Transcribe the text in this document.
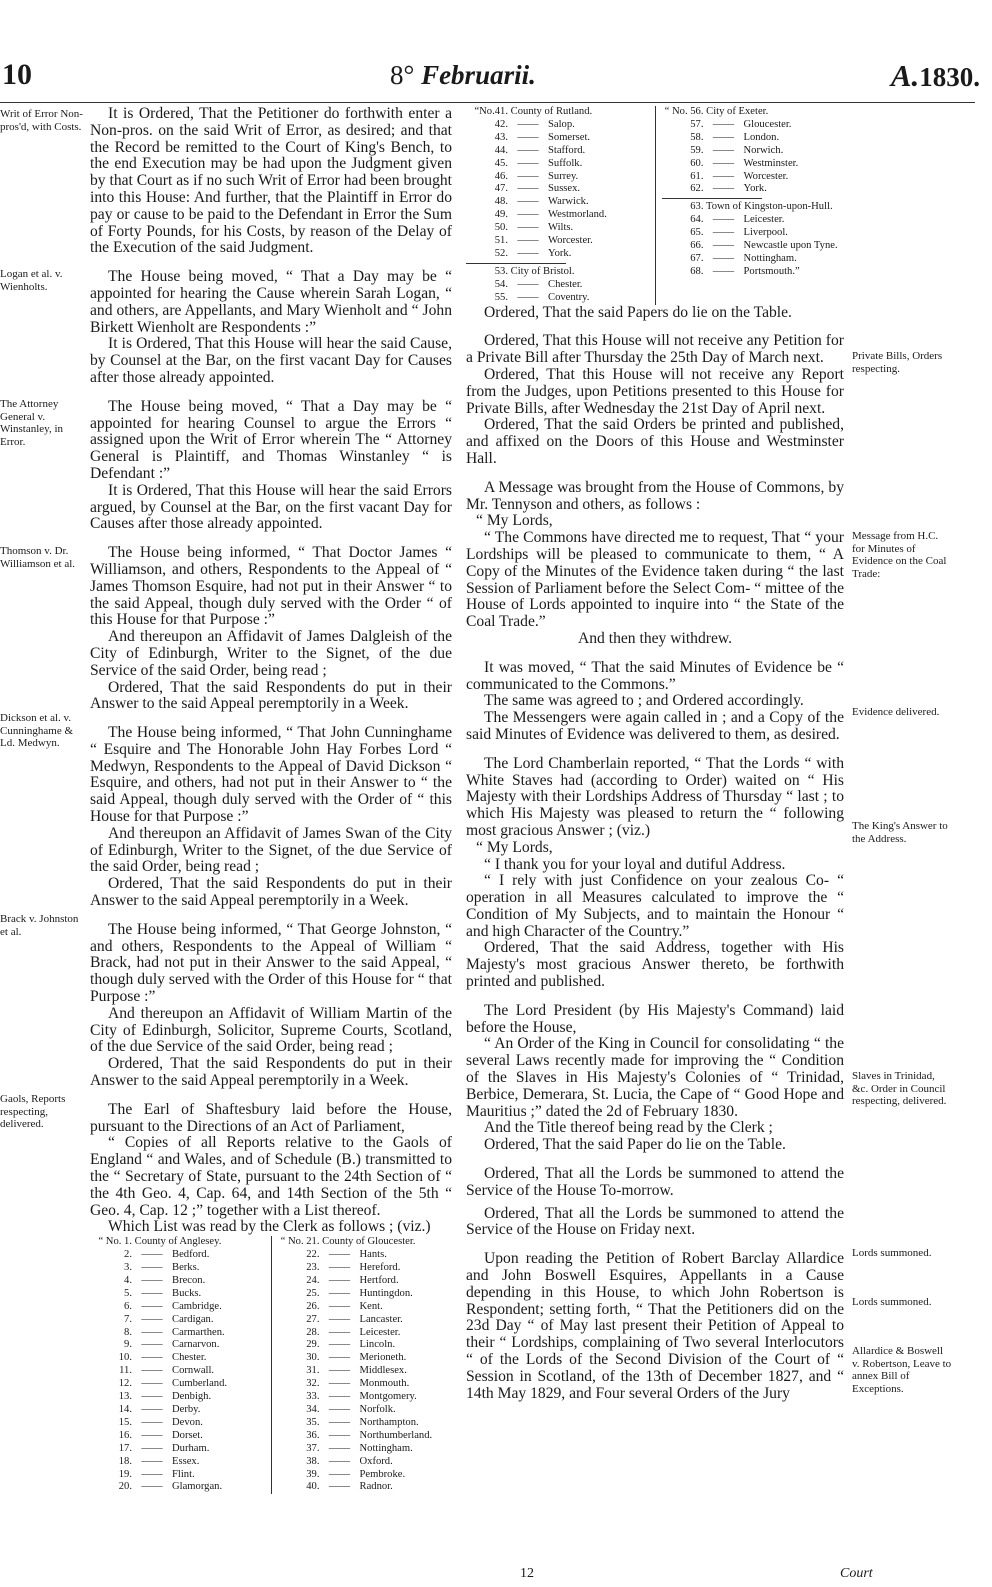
10	8° Februarii.	A.1830.
Writ of Error Non-pros'd, with Costs.
Logan et al. v. Wienholts.
The Attorney General v. Winstanley, in Error.
Thomson v. Dr. Williamson et al.
Dickson et al. v. Cunninghame & Ld. Medwyn.
Brack v. Johnston et al.
Gaols, Reports respecting, delivered.

It is Ordered, That the Petitioner do forthwith enter a Non-pros. on the said Writ of Error, as desired; and that the Record be remitted to the Court of King's Bench, to the end Execution may be had upon the Judgment given by that Court as if no such Writ of Error had been brought into this House: And further, that the Plaintiff in Error do pay or cause to be paid to the Defendant in Error the Sum of Forty Pounds, for his Costs, by reason of the Delay of the Execution of the said Judgment.

The House being moved, “ That a Day may be “ appointed for hearing the Cause wherein Sarah Logan, “ and others, are Appellants, and Mary Wienholt and “ John Birkett Wienholt are Respondents :”

It is Ordered, That this House will hear the said Cause, by Counsel at the Bar, on the first vacant Day for Causes after those already appointed.

The House being moved, “ That a Day may be “ appointed for hearing Counsel to argue the Errors “ assigned upon the Writ of Error wherein The “ Attorney General is Plaintiff, and Thomas Winstanley “ is Defendant :”

It is Ordered, That this House will hear the said Errors argued, by Counsel at the Bar, on the first vacant Day for Causes after those already appointed.

The House being informed, “ That Doctor James “ Williamson, and others, Respondents to the Appeal of “ James Thomson Esquire, had not put in their Answer “ to the said Appeal, though duly served with the Order “ of this House for that Purpose :”

And thereupon an Affidavit of James Dalgleish of the City of Edinburgh, Writer to the Signet, of the due Service of the said Order, being read ;

Ordered, That the said Respondents do put in their Answer to the said Appeal peremptorily in a Week.

The House being informed, “ That John Cunninghame “ Esquire and The Honorable John Hay Forbes Lord “ Medwyn, Respondents to the Appeal of David Dickson “ Esquire, and others, had not put in their Answer to “ the said Appeal, though duly served with the Order of “ this House for that Purpose :”

And thereupon an Affidavit of James Swan of the City of Edinburgh, Writer to the Signet, of the due Service of the said Order, being read ;

Ordered, That the said Respondents do put in their Answer to the said Appeal peremptorily in a Week.

The House being informed, “ That George Johnston, “ and others, Respondents to the Appeal of William “ Brack, had not put in their Answer to the said Appeal, “ though duly served with the Order of this House for “ that Purpose :”

And thereupon an Affidavit of William Martin of the City of Edinburgh, Solicitor, Supreme Courts, Scotland, of the due Service of the said Order, being read ;

Ordered, That the said Respondents do put in their Answer to the said Appeal peremptorily in a Week.

The Earl of Shaftesbury laid before the House, pursuant to the Directions of an Act of Parliament,

“ Copies of all Reports relative to the Gaols of England “ and Wales, and of Schedule (B.) transmitted to the “ Secretary of State, pursuant to the 24th Section of “ the 4th Geo. 4, Cap. 64, and 14th Section of the 5th “ Geo. 4, Cap. 12 ;” together with a List thereof.

Which List was read by the Clerk as follows ; (viz.)

“ No. 1. County of Anglesey.
2. —— Bedford.
3. —— Berks.
4. —— Brecon.
5. —— Bucks.
6. —— Cambridge.
7. —— Cardigan.
8. —— Carmarthen.
9. —— Carnarvon.
10. —— Chester.
11. —— Cornwall.
12. —— Cumberland.
13. —— Denbigh.
14. —— Derby.
15. —— Devon.
16. —— Dorset.
17. —— Durham.
18. —— Essex.
19. —— Flint.
20. —— Glamorgan.
“ No. 21. County of Gloucester.
22. —— Hants.
23. —— Hereford.
24. —— Hertford.
25. —— Huntingdon.
26. —— Kent.
27. —— Lancaster.
28. —— Leicester.
29. —— Lincoln.
30. —— Merioneth.
31. —— Middlesex.
32. —— Monmouth.
33. —— Montgomery.
34. —— Norfolk.
35. —— Northampton.
36. —— Northumberland.
37. —— Nottingham.
38. —— Oxford.
39. —— Pembroke.
40. —— Radnor.
Private Bills, Orders respecting.
Message from H.C. for Minutes of Evidence on the Coal Trade:
Evidence delivered.
The King's Answer to the Address.
Slaves in Trinidad, &c. Order in Council respecting, delivered.
Lords summoned.
Lords summoned.
Allardice & Boswell v. Robertson, Leave to annex Bill of Exceptions.
“No.41. County of Rutland.
42. —— Salop.
43. —— Somerset.
44. —— Stafford.
45. —— Suffolk.
46. —— Surrey.
47. —— Sussex.
48. —— Warwick.
49. —— Westmorland.
50. —— Wilts.
51. —— Worcester.
52. —— York.
53. City of Bristol.
54. —— Chester.
55. —— Coventry.
“ No. 56. City of Exeter.
57. —— Gloucester.
58. —— London.
59. —— Norwich.
60. —— Westminster.
61. —— Worcester.
62. —— York.
63. Town of Kingston-upon-Hull.
64. —— Leicester.
65. —— Liverpool.
66. —— Newcastle upon Tyne.
67. —— Nottingham.
68. —— Portsmouth.”

Ordered, That the said Papers do lie on the Table.

Ordered, That this House will not receive any Petition for a Private Bill after Thursday the 25th Day of March next.

Ordered, That this House will not receive any Report from the Judges, upon Petitions presented to this House for Private Bills, after Wednesday the 21st Day of April next.

Ordered, That the said Orders be printed and published, and affixed on the Doors of this House and Westminster Hall.

A Message was brought from the House of Commons, by Mr. Tennyson and others, as follows :

“ My Lords,

“ The Commons have directed me to request, That “ your Lordships will be pleased to communicate to them, “ A Copy of the Minutes of the Evidence taken during “ the last Session of Parliament before the Select Com- “ mittee of the House of Lords appointed to inquire into “ the State of the Coal Trade.”

And then they withdrew.

It was moved, “ That the said Minutes of Evidence be “ communicated to the Commons.”

The same was agreed to ; and Ordered accordingly.

The Messengers were again called in ; and a Copy of the said Minutes of Evidence was delivered to them, as desired.

The Lord Chamberlain reported, “ That the Lords “ with White Staves had (according to Order) waited on “ His Majesty with their Lordships Address of Thursday “ last ; to which His Majesty was pleased to return the “ following most gracious Answer ; (viz.)

“ My Lords,

“ I thank you for your loyal and dutiful Address.

“ I rely with just Confidence on your zealous Co- “ operation in all Measures calculated to improve the “ Condition of My Subjects, and to maintain the Honour “ and high Character of the Country.”

Ordered, That the said Address, together with His Majesty's most gracious Answer thereto, be forthwith printed and published.

The Lord President (by His Majesty's Command) laid before the House,

“ An Order of the King in Council for consolidating “ the several Laws recently made for improving the “ Condition of the Slaves in His Majesty's Colonies of “ Trinidad, Berbice, Demerara, St. Lucia, the Cape of “ Good Hope and Mauritius ;” dated the 2d of February 1830.

And the Title thereof being read by the Clerk ;

Ordered, That the said Paper do lie on the Table.

Ordered, That all the Lords be summoned to attend the Service of the House To-morrow.

Ordered, That all the Lords be summoned to attend the Service of the House on Friday next.

Upon reading the Petition of Robert Barclay Allardice and John Boswell Esquires, Appellants in a Cause depending in this House, to which John Robertson is Respondent; setting forth, “ That the Petitioners did on the 23d Day “ of May last present their Petition of Appeal to their “ Lordships, complaining of Two several Interlocutors “ of the Lords of the Second Division of the Court of “ Session in Scotland, of the 13th of December 1827, and “ 14th May 1829, and Four several Orders of the Jury

12	Court
